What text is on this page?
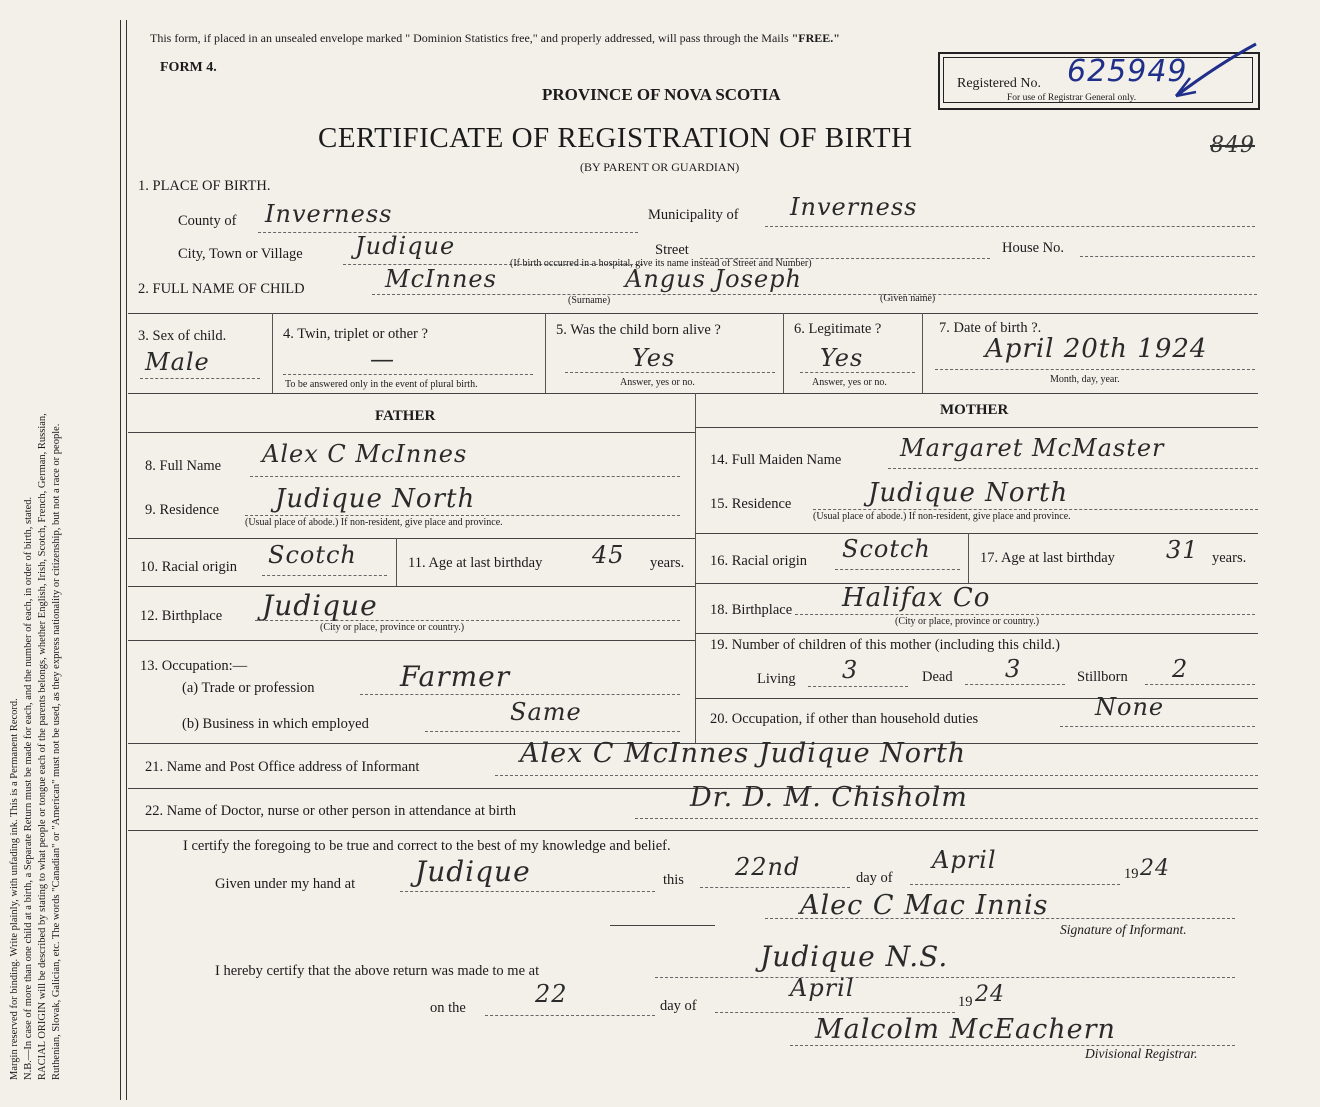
Margin reserved for binding. Write plainly, with unfading ink. This is a Permanent Record. N.B.—In case of more than one child at a birth, a Separate Return must be made for each, and the number of each, in order of birth, stated. RACIAL ORIGIN will be described by stating to what people or tongue each of the parents belongs, whether English, Irish, Scotch, French, German, Russian, Ruthenian, Slovak, Galician, etc. The words "Canadian" or "American" must not be used, as they express nationality or citizenship, but not a race or people.
This form, if placed in an unsealed envelope marked " Dominion Statistics free," and properly addressed, will pass through the Mails "FREE."
FORM 4.
PROVINCE OF NOVA SCOTIA
Registered No. 625949
For use of Registrar General only.
CERTIFICATE OF REGISTRATION OF BIRTH
(BY PARENT OR GUARDIAN)
849
1. PLACE OF BIRTH.
County of Inverness	Municipality of Inverness
City, Town or Village Judique	Street	House No.
(If birth occurred in a hospital, give its name instead of Street and Number)
2. FULL NAME OF CHILD	McInnes	Angus Joseph
(Surname)	(Given name)
3. Sex of child.
Male
4. Twin, triplet or other ?
—
To be answered only in the event of plural birth.
5. Was the child born alive ?
Yes
Answer, yes or no.
6. Legitimate ?
Yes
Answer, yes or no.
7. Date of birth ?.
April 20th 1924
Month, day, year.
FATHER	MOTHER
8. Full Name Alex C McInnes
9. Residence Judique North
(Usual place of abode.) If non-resident, give place and province.
10. Racial origin Scotch	11. Age at last birthday 45 years.
12. Birthplace Judique
(City or place, province or country.)
13. Occupation:—
(a) Trade or profession	Farmer
(b) Business in which employed	Same
14. Full Maiden Name Margaret McMaster
15. Residence	Judique North
(Usual place of abode.) If non-resident, give place and province.
16. Racial origin Scotch	17. Age at last birthday 31 years.
18. Birthplace Halifax Co
(City or place, province or country.)
19. Number of children of this mother (including this child.)
Living 3	Dead 3	Stillborn 2
20. Occupation, if other than household duties	None
21. Name and Post Office address of Informant	Alex C McInnes Judique North
22. Name of Doctor, nurse or other person in attendance at birth	Dr. D. M. Chisholm
I certify the foregoing to be true and correct to the best of my knowledge and belief.
Given under my hand at Judique	this 22nd	day of
April	19 24
Alec C Mac Innis
Signature of Informant.
I hereby certify that the above return was made to me at	Judique N.S.
on the	22	day of
April	19 24
Malcolm McEachern
Divisional Registrar.
